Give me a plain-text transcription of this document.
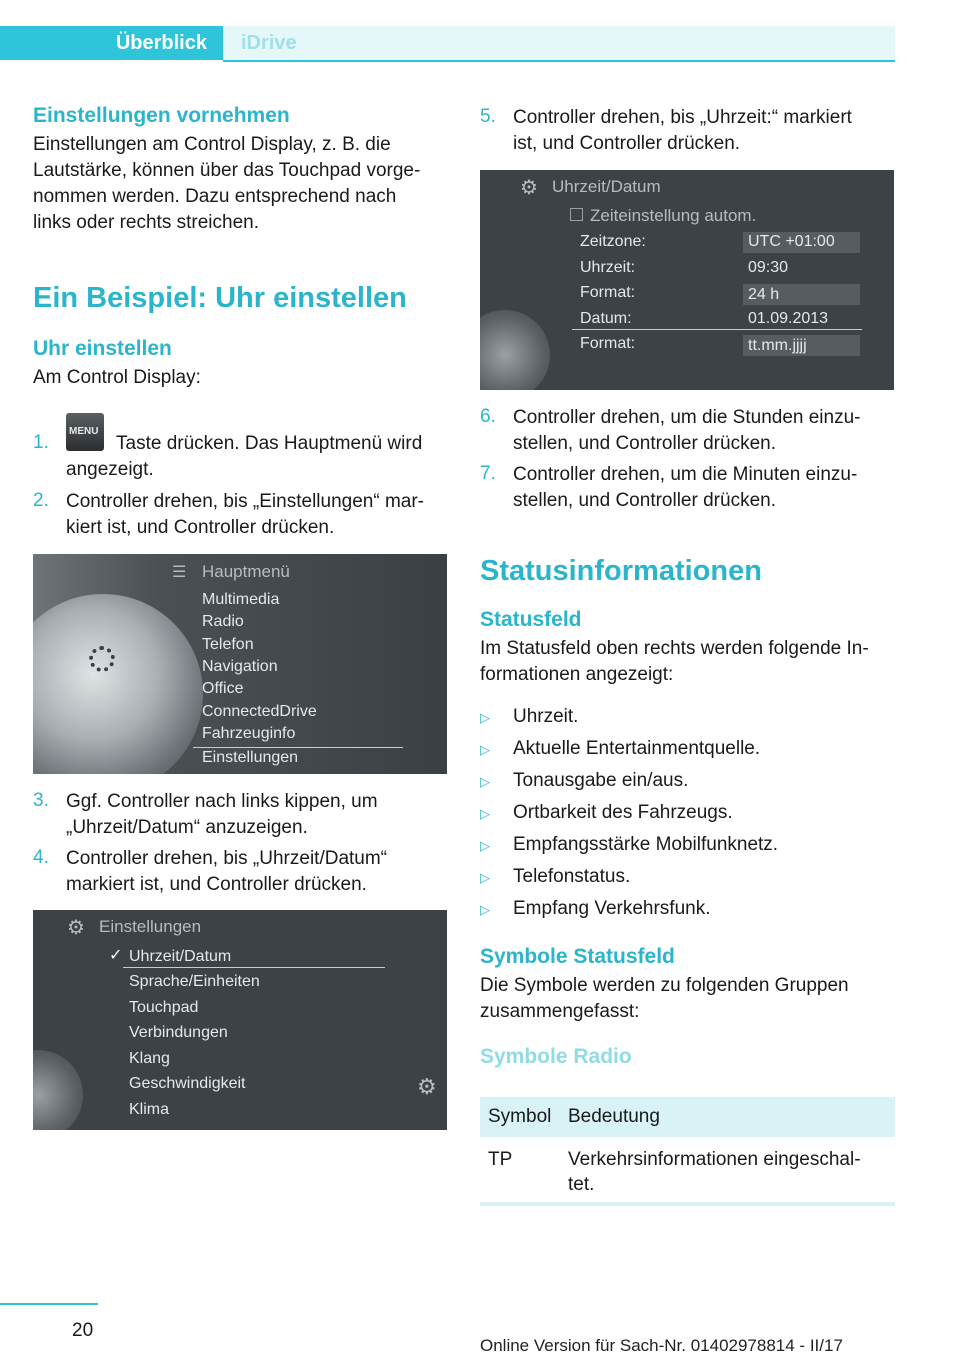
Überblick iDrive
Einstellungen vornehmen

Einstellungen am Control Display, z. B. die
Lautstärke, können über das Touchpad vorge-
nommen werden. Dazu entsprechend nach
links oder rechts streichen.

Ein Beispiel: Uhr einstellen
Uhr einstellen

Am Control Display:

1.
MENU
Taste drücken. Das Hauptmenü wird
angezeigt.
2. Controller drehen, bis „Einstellungen“ mar-
kiert ist, und Controller drücken.
☰ Hauptmenü
Multimedia
Radio
Telefon
Navigation
Office
ConnectedDrive
Fahrzeuginfo
Einstellungen
3. Ggf. Controller nach links kippen, um
„Uhrzeit/Datum“ anzuzeigen.
4. Controller drehen, bis „Uhrzeit/Datum“
markiert ist, und Controller drücken.
⚙ Einstellungen
✓ Uhrzeit/Datum
Sprache/Einheiten
Touchpad
Verbindungen
Klang
Geschwindigkeit
Klima
⚙
5. Controller drehen, bis „Uhrzeit:“ markiert
ist, und Controller drücken.
⚙ Uhrzeit/Datum
Zeiteinstellung autom.
Zeitzone:	UTC +01:00
Uhrzeit:	09:30
Format:	24 h
Datum:	01.09.2013
Format:	tt.mm.jjjj
6. Controller drehen, um die Stunden einzu-
stellen, und Controller drücken.
7. Controller drehen, um die Minuten einzu-
stellen, und Controller drücken.
Statusinformationen
Statusfeld

Im Statusfeld oben rechts werden folgende In-
formationen angezeigt:

▷ Uhrzeit.
▷ Aktuelle Entertainmentquelle.
▷ Tonausgabe ein/aus.
▷ Ortbarkeit des Fahrzeugs.
▷ Empfangsstärke Mobilfunknetz.
▷ Telefonstatus.
▷ Empfang Verkehrsfunk.
Symbole Statusfeld

Die Symbole werden zu folgenden Gruppen
zusammengefasst:

Symbole Radio
Symbol	Bedeutung
TP	Verkehrsinformationen eingeschal-
tet.
20
Online Version für Sach-Nr. 01402978814 - II/17
